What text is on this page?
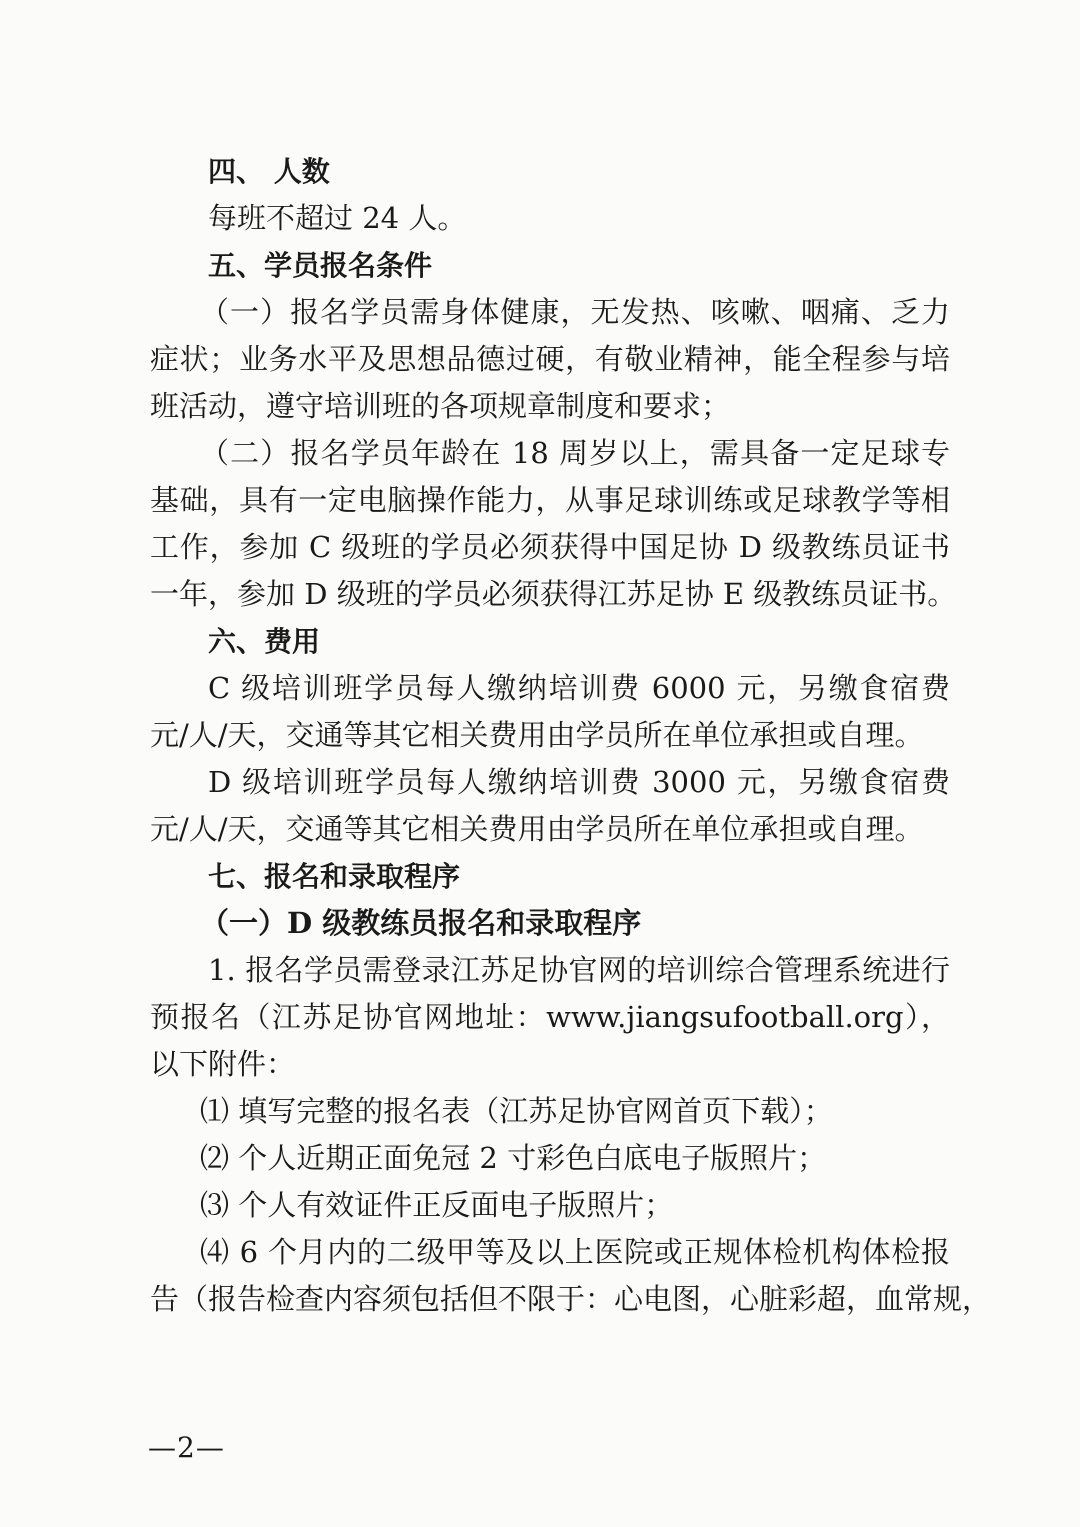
四、 人数
每班不超过 24 人。
五、学员报名条件
（一）报名学员需身体健康，无发热、咳嗽、咽痛、乏力
症状；业务水平及思想品德过硬，有敬业精神，能全程参与培
班活动，遵守培训班的各项规章制度和要求；
（二）报名学员年龄在 18 周岁以上，需具备一定足球专
基础，具有一定电脑操作能力，从事足球训练或足球教学等相
工作，参加 C 级班的学员必须获得中国足协 D 级教练员证书
一年，参加 D 级班的学员必须获得江苏足协 E 级教练员证书。
六、费用
C 级培训班学员每人缴纳培训费 6000 元，另缴食宿费
元/人/天，交通等其它相关费用由学员所在单位承担或自理。
D 级培训班学员每人缴纳培训费 3000 元，另缴食宿费
元/人/天，交通等其它相关费用由学员所在单位承担或自理。
七、报名和录取程序
（一）D 级教练员报名和录取程序
1. 报名学员需登录江苏足协官网的培训综合管理系统进行
预报名（江苏足协官网地址：www.jiangsufootball.org），
以下附件：
⑴ 填写完整的报名表（江苏足协官网首页下载）；
⑵ 个人近期正面免冠 2 寸彩色白底电子版照片；
⑶ 个人有效证件正反面电子版照片；
⑷ 6 个月内的二级甲等及以上医院或正规体检机构体检报
告（报告检查内容须包括但不限于：心电图，心脏彩超，血常规，
—2—
